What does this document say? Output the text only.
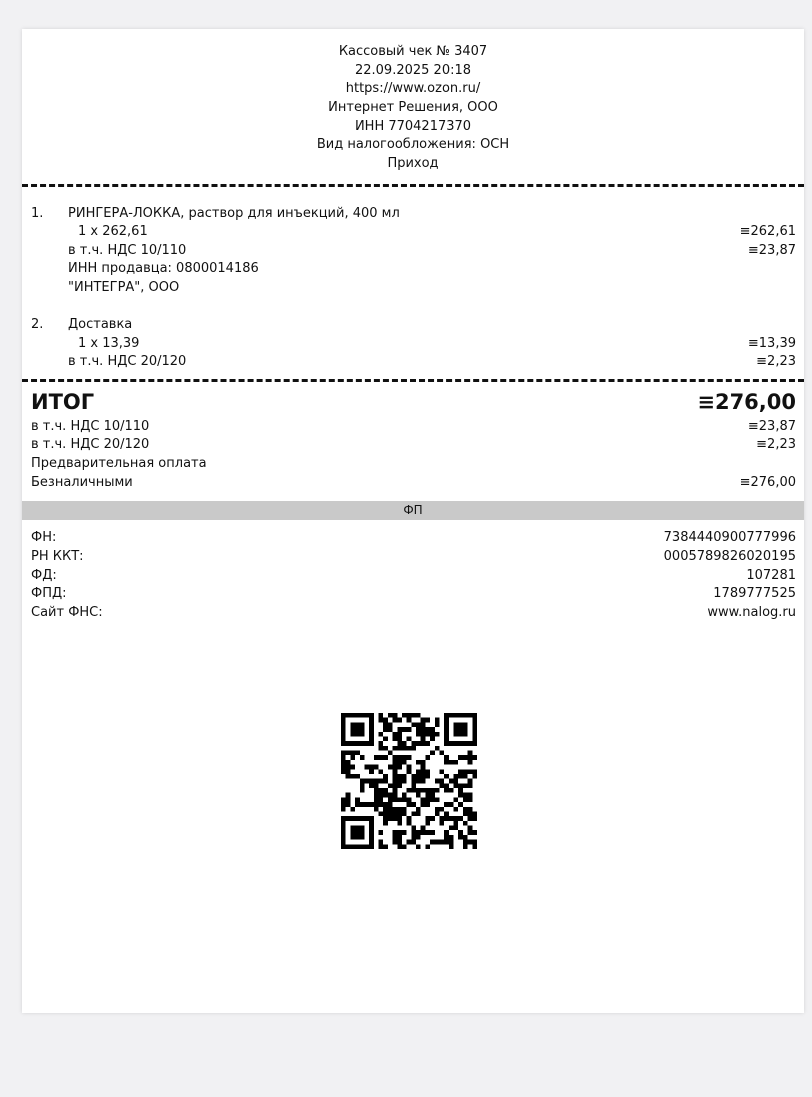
Кассовый чек № 3407
22.09.2025 20:18
https://www.ozon.ru/
Интернет Решения, ООО
ИНН 7704217370
Вид налогообложения: ОСН
Приход
1. РИНГЕРА-ЛОККА, раствор для инъекций, 400 мл
1 x 262,61	≡262,61
в т.ч. НДС 10/110	≡23,87
ИНН продавца: 0800014186
"ИНТЕГРА", ООО
2. Доставка
1 x 13,39	≡13,39
в т.ч. НДС 20/120	≡2,23
ИТОГ	≡276,00
в т.ч. НДС 10/110	≡23,87
в т.ч. НДС 20/120	≡2,23
Предварительная оплата
Безналичными	≡276,00
ФП
ФН:	7384440900777996
РН ККТ:	0005789826020195
ФД:	107281
ФПД:	1789777525
Сайт ФНС:	www.nalog.ru
